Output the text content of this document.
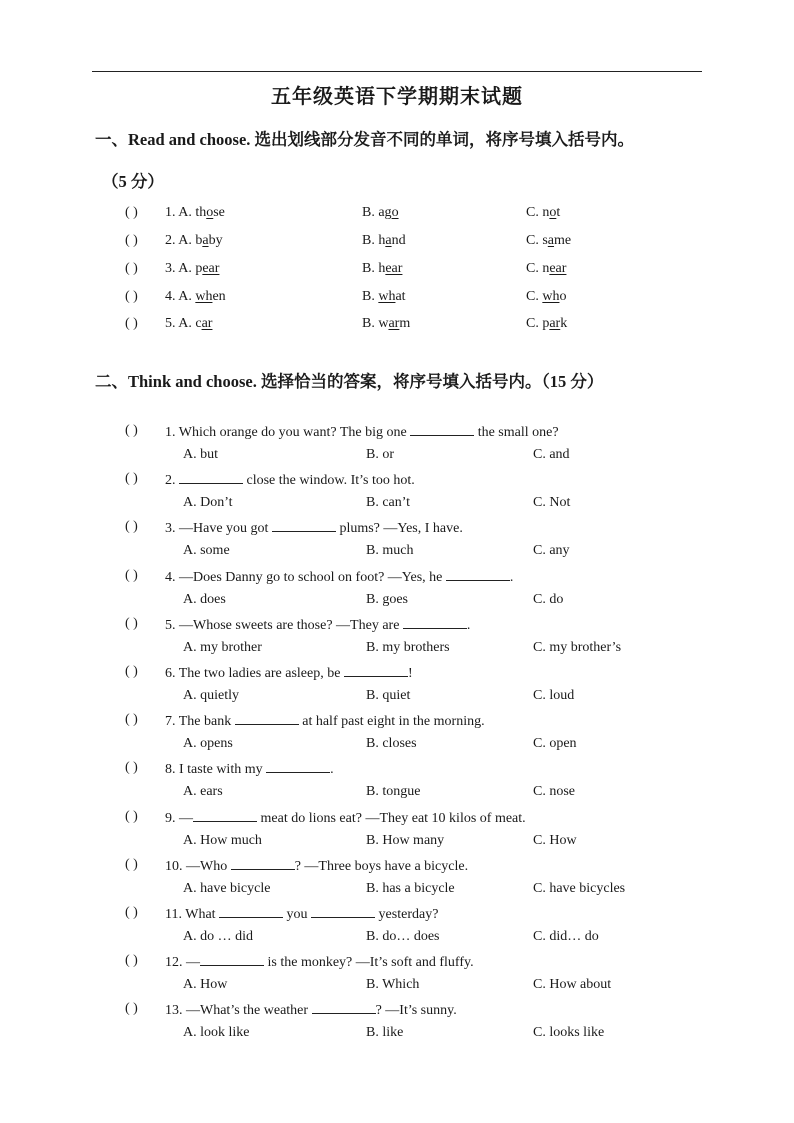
五年级英语下学期期末试题
一、Read and choose. 选出划线部分发音不同的单词，将序号填入括号内。
（5 分）
( ) 1. A. those	B. ago	C. not
( ) 2. A. baby	B. hand	C. same
( ) 3. A. pear	B. hear	C. near
( ) 4. A. when	B. what	C. who
( ) 5. A. car	B. warm	C. park
二、Think and choose. 选择恰当的答案，将序号填入括号内。（15 分）
( ) 1. Which orange do you want? The big one	the small one?
A. but	B. or	C. and
( ) 2.	close the window. It’s too hot.
A. Don’t	B. can’t	C. Not
( ) 3. —Have you got	plums? —Yes, I have.
A. some	B. much	C. any
( ) 4. —Does Danny go to school on foot? —Yes, he	.
A. does	B. goes	C. do
( ) 5. —Whose sweets are those? —They are	.
A. my brother	B. my brothers	C. my brother’s
( ) 6. The two ladies are asleep, be	!
A. quietly	B. quiet	C. loud
( ) 7. The bank	at half past eight in the morning.
A. opens	B. closes	C. open
( ) 8. I taste with my	.
A. ears	B. tongue	C. nose
( ) 9. —	meat do lions eat? —They eat 10 kilos of meat.
A. How much	B. How many	C. How
( ) 10. —Who	? —Three boys have a bicycle.
A. have bicycle	B. has a bicycle	C. have bicycles
( ) 11. What	you	yesterday?
A. do … did	B. do… does	C. did… do
( ) 12. —	is the monkey? —It’s soft and fluffy.
A. How	B. Which	C. How about
( ) 13. —What’s the weather	? —It’s sunny.
A. look like	B. like	C. looks like
